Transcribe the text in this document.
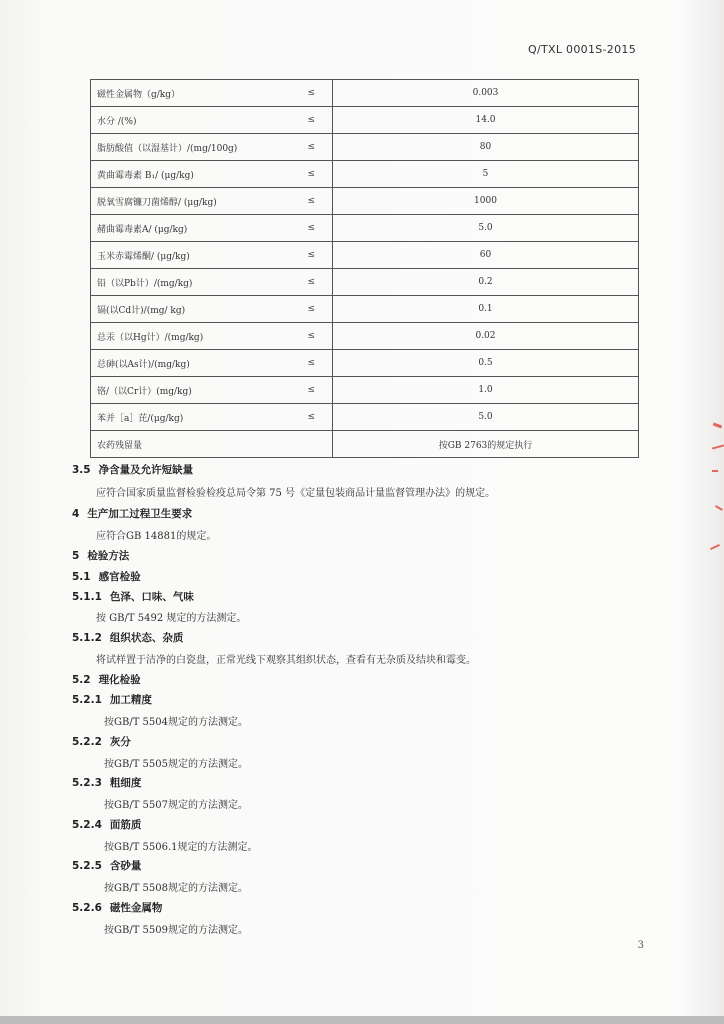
Q/TXL 0001S-2015
磁性金属物（g/kg）	≤	0.003
水分 /(%)	≤	14.0
脂肪酸值（以湿基计）/(mg/100g)	≤	80
黄曲霉毒素 B₁/ (μg/kg)	≤	5
脱氧雪腐镰刀菌烯醇/ (μg/kg)	≤	1000
赭曲霉毒素A/ (μg/kg)	≤	5.0
玉米赤霉烯酮/ (μg/kg)	≤	60
铅（以Pb计）/(mg/kg)	≤	0.2
镉(以Cd计)/(mg/ kg)	≤	0.1
总汞（以Hg计）/(mg/kg)	≤	0.02
总砷(以As计)/(mg/kg)	≤	0.5
铬/（以Cr计）(mg/kg)	≤	1.0
苯并［a］芘/(μg/kg)	≤	5.0
农药残留量		按GB 2763的规定执行
3.5 净含量及允许短缺量
应符合国家质量监督检验检疫总局令第 75 号《定量包装商品计量监督管理办法》的规定。
4 生产加工过程卫生要求
应符合GB 14881的规定。
5 检验方法
5.1 感官检验
5.1.1 色泽、口味、气味
按 GB/T 5492 规定的方法测定。
5.1.2 组织状态、杂质
将试样置于洁净的白瓷盘，正常光线下观察其组织状态，查看有无杂质及结块和霉变。
5.2 理化检验
5.2.1 加工精度
按GB/T 5504规定的方法测定。
5.2.2 灰分
按GB/T 5505规定的方法测定。
5.2.3 粗细度
按GB/T 5507规定的方法测定。
5.2.4 面筋质
按GB/T 5506.1规定的方法测定。
5.2.5 含砂量
按GB/T 5508规定的方法测定。
5.2.6 磁性金属物
按GB/T 5509规定的方法测定。
3
